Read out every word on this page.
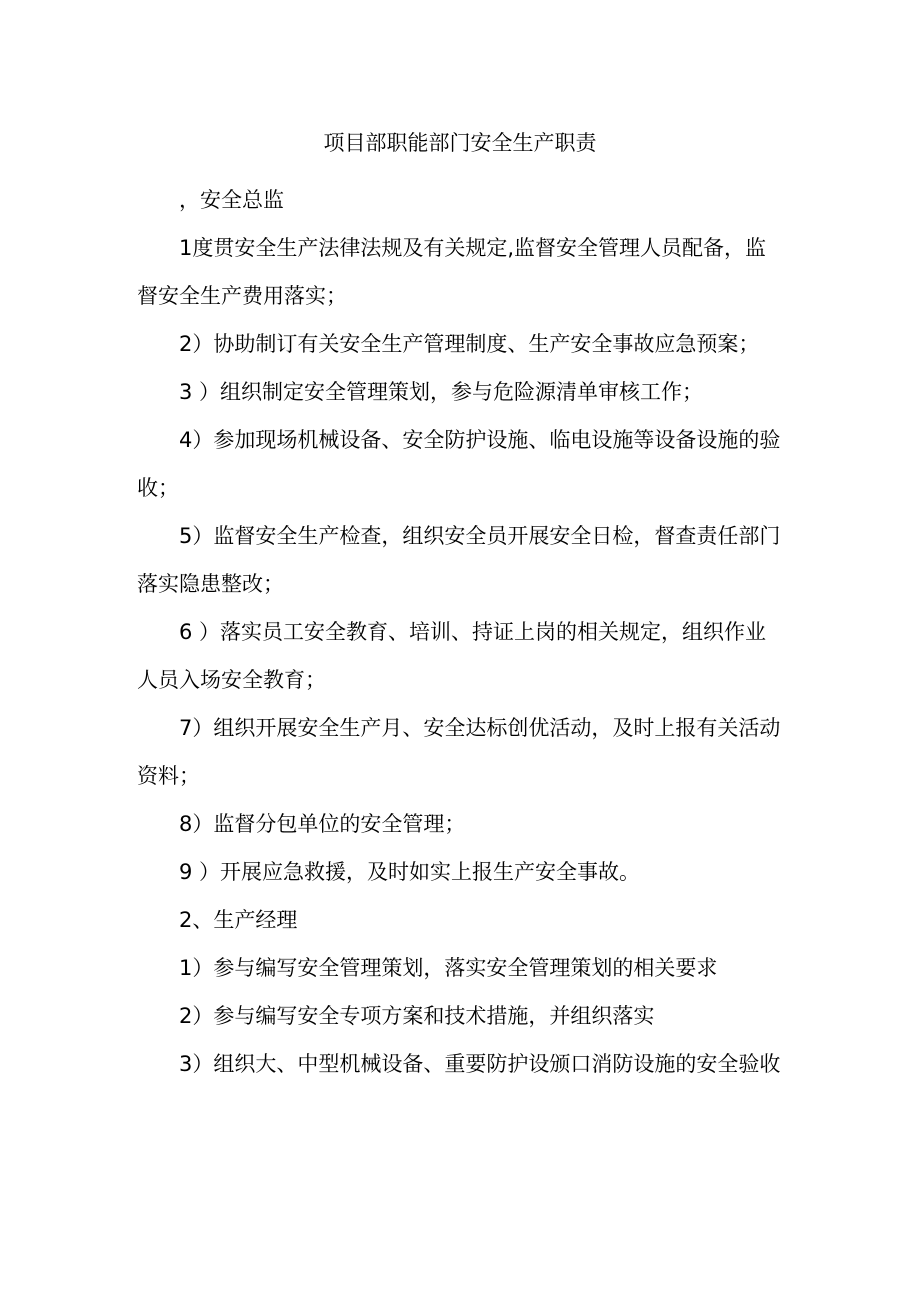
项目部职能部门安全生产职责

，安全总监

1度贯安全生产法律法规及有关规定,监督安全管理人员配备，监督安全生产费用落实；

2）协助制订有关安全生产管理制度、生产安全事故应急预案；

3 ）组织制定安全管理策划，参与危险源清单审核工作；

4）参加现场机械设备、安全防护设施、临电设施等设备设施的验收；

5）监督安全生产检查，组织安全员开展安全日检，督查责任部门落实隐患整改；

6 ）落实员工安全教育、培训、持证上岗的相关规定，组织作业人员入场安全教育；

7）组织开展安全生产月、安全达标创优活动，及时上报有关活动资料；

8）监督分包单位的安全管理；

9 ）开展应急救援，及时如实上报生产安全事故。

2、生产经理

1）参与编写安全管理策划，落实安全管理策划的相关要求

2）参与编写安全专项方案和技术措施，并组织落实

3）组织大、中型机械设备、重要防护设颁口消防设施的安全验收
